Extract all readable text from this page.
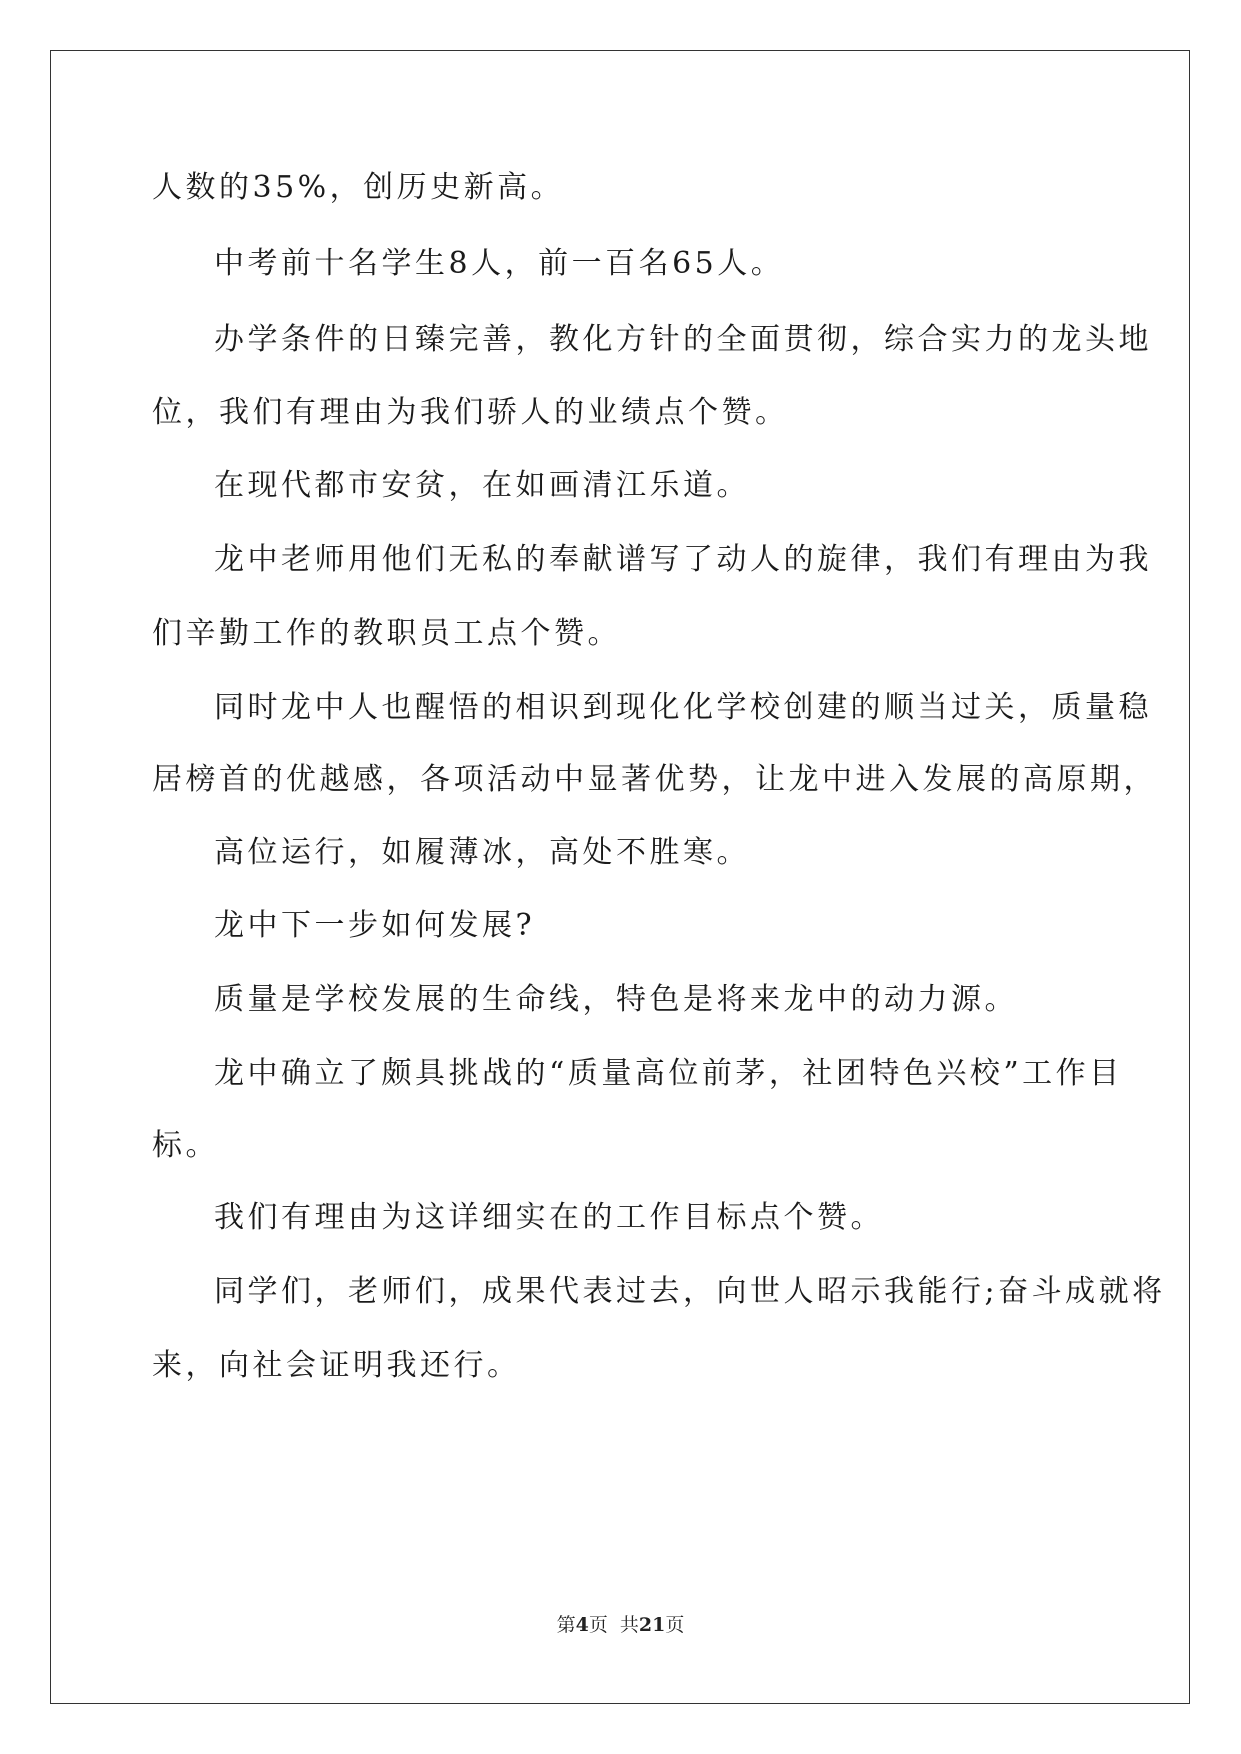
人数的35%，创历史新高。
中考前十名学生8人，前一百名65人。
办学条件的日臻完善，教化方针的全面贯彻，综合实力的龙头地
位，我们有理由为我们骄人的业绩点个赞。
在现代都市安贫，在如画清江乐道。
龙中老师用他们无私的奉献谱写了动人的旋律，我们有理由为我
们辛勤工作的教职员工点个赞。
同时龙中人也醒悟的相识到现化化学校创建的顺当过关，质量稳
居榜首的优越感，各项活动中显著优势，让龙中进入发展的高原期，
高位运行，如履薄冰，高处不胜寒。
龙中下一步如何发展?
质量是学校发展的生命线，特色是将来龙中的动力源。
龙中确立了颇具挑战的“质量高位前茅，社团特色兴校”工作目
标。
我们有理由为这详细实在的工作目标点个赞。
同学们，老师们，成果代表过去，向世人昭示我能行;奋斗成就将
来，向社会证明我还行。
第4页 共21页
